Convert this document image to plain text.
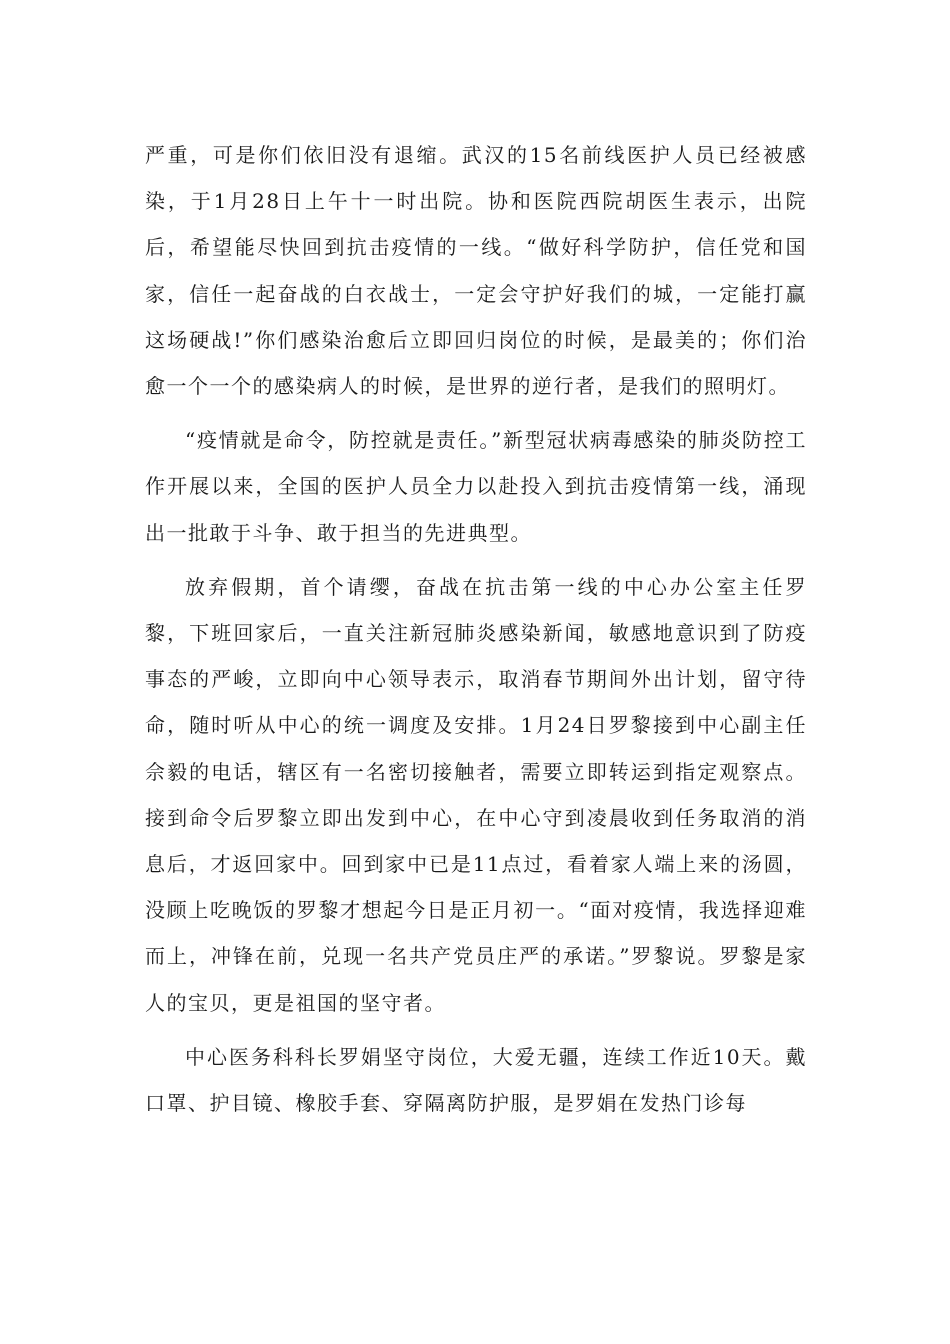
严重，可是你们依旧没有退缩。武汉的15名前线医护人员已经被感染，于1月28日上午十一时出院。协和医院西院胡医生表示，出院后，希望能尽快回到抗击疫情的一线。“做好科学防护，信任党和国家，信任一起奋战的白衣战士，一定会守护好我们的城，一定能打赢这场硬战!”你们感染治愈后立即回归岗位的时候，是最美的；你们治愈一个一个的感染病人的时候，是世界的逆行者，是我们的照明灯。

“疫情就是命令，防控就是责任。”新型冠状病毒感染的肺炎防控工作开展以来，全国的医护人员全力以赴投入到抗击疫情第一线，涌现出一批敢于斗争、敢于担当的先进典型。

放弃假期，首个请缨，奋战在抗击第一线的中心办公室主任罗黎，下班回家后，一直关注新冠肺炎感染新闻，敏感地意识到了防疫事态的严峻，立即向中心领导表示，取消春节期间外出计划，留守待命，随时听从中心的统一调度及安排。1月24日罗黎接到中心副主任佘毅的电话，辖区有一名密切接触者，需要立即转运到指定观察点。接到命令后罗黎立即出发到中心，在中心守到凌晨收到任务取消的消息后，才返回家中。回到家中已是11点过，看着家人端上来的汤圆，没顾上吃晚饭的罗黎才想起今日是正月初一。“面对疫情，我选择迎难而上，冲锋在前，兑现一名共产党员庄严的承诺。”罗黎说。罗黎是家人的宝贝，更是祖国的坚守者。

中心医务科科长罗娟坚守岗位，大爱无疆，连续工作近10天。戴口罩、护目镜、橡胶手套、穿隔离防护服，是罗娟在发热门诊每
